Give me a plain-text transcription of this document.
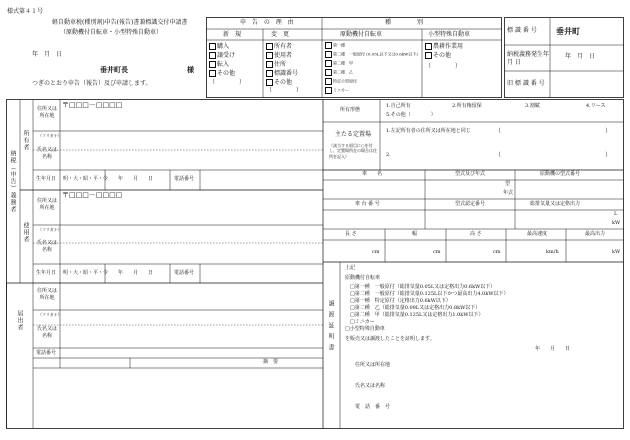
様式第４１号
軽自動車税(種別割)申告(報告)書兼標識交付申請書
（原動機付自転車・小型特殊自動車）
年　月　日
垂井町長	様
つぎのとおり申告（報告）及び申請します。
申 告 の 理 由
新　規	変　更
購入
譲受け
転入
その他
（　　　　）
所有者
使用者
住所
標識番号
その他
（　　　　）
種　　　別
原動機付自転車	小型特殊自動車
第一種
第二種　一般原付 (0.05L以下又は0.6kW以下)
第二種　甲
第二種　乙
特定小型原付
ミニカー
農耕作業用
その他
（　　　　）
標 識 番 号 垂井町
納税義務発生年 月 日
年　月　日
旧 標 識 番 号
納税（申告）義務者
所有者
住所又は所在地
〒□□□－□□□□
（フリガナ）
氏名又は名称
生年月日 明・大・昭・平・令　　年　　月　　日	電話番号
使用者
住所又は所在地
〒□□□－□□□□
（フリガナ）
氏名又は名称
生年月日 明・大・昭・平・令　　年　　月　　日	電話番号
届出者
住所又は所在地
（フリガナ）
氏名又は名称
電話番号
摘　要
所有形態
1.自己所有	2.所有権留保	3.割賦	4.リース
5.その他（　　　　）
主たる定置場
（該当する項目に○を付し、定置場所在の場合は住所を記入）
1.左記所有者の住所又は所在地と同じ	（	）
2.	（	）
車　　名	型式及び年式
型
年式
原動機の型式番号
車 台 番 号	型式認定番号	総排気量又は定格出力
L
kW
長 さ	幅	高 さ	最高速度	最高出力
cm	cm	cm	km/h	kW
譲渡証明書
上記
原動機付自転車
□第一種　一般原付（総排気量0.05L又は定格出力0.6kW以下）
□第二種　一般原付（総排気量0.125L以下かつ最高出力4.0kW以下）
□第一種　特定原付（定格出力0.6kW以下）
□第二種　乙（総排気量0.09L又は定格出力0.8kW以下）
□第二種　甲（総排気量0.125L又は定格出力1.0kW以下）
□ミニカー
□小型特殊自動車
を販売又は譲渡したことを証明します。
年　　月　　日
住所又は所在地
氏名又は名称
電　話　番　号
